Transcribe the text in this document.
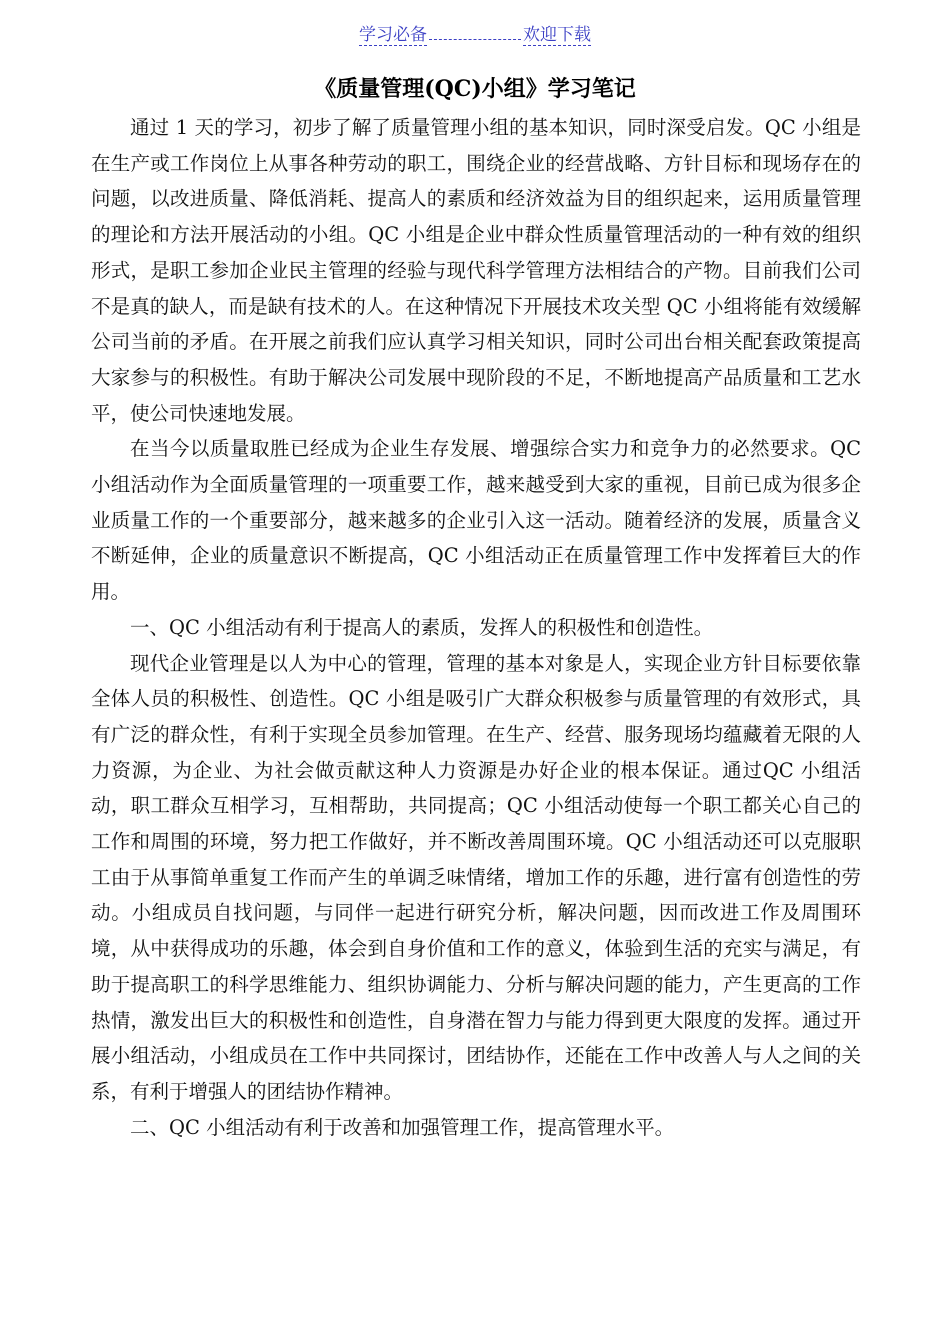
学习必备	欢迎下载
《质量管理(QC)小组》学习笔记

通过 1 天的学习，初步了解了质量管理小组的基本知识，同时深受启发。QC 小组是在生产或工作岗位上从事各种劳动的职工，围绕企业的经营战略、方针目标和现场存在的问题，以改进质量、降低消耗、提高人的素质和经济效益为目的组织起来，运用质量管理的理论和方法开展活动的小组。QC 小组是企业中群众性质量管理活动的一种有效的组织形式，是职工参加企业民主管理的经验与现代科学管理方法相结合的产物。目前我们公司不是真的缺人，而是缺有技术的人。在这种情况下开展技术攻关型 QC 小组将能有效缓解公司当前的矛盾。在开展之前我们应认真学习相关知识，同时公司出台相关配套政策提高大家参与的积极性。有助于解决公司发展中现阶段的不足，不断地提高产品质量和工艺水平，使公司快速地发展。

在当今以质量取胜已经成为企业生存发展、增强综合实力和竞争力的必然要求。QC 小组活动作为全面质量管理的一项重要工作，越来越受到大家的重视，目前已成为很多企业质量工作的一个重要部分，越来越多的企业引入这一活动。随着经济的发展，质量含义不断延伸，企业的质量意识不断提高，QC 小组活动正在质量管理工作中发挥着巨大的作用。

一、QC 小组活动有利于提高人的素质，发挥人的积极性和创造性。

现代企业管理是以人为中心的管理，管理的基本对象是人，实现企业方针目标要依靠全体人员的积极性、创造性。QC 小组是吸引广大群众积极参与质量管理的有效形式，具有广泛的群众性，有利于实现全员参加管理。在生产、经营、服务现场均蕴藏着无限的人力资源，为企业、为社会做贡献这种人力资源是办好企业的根本保证。通过QC 小组活动，职工群众互相学习，互相帮助，共同提高；QC 小组活动使每一个职工都关心自己的工作和周围的环境，努力把工作做好，并不断改善周围环境。QC 小组活动还可以克服职工由于从事简单重复工作而产生的单调乏味情绪，增加工作的乐趣，进行富有创造性的劳动。小组成员自找问题，与同伴一起进行研究分析，解决问题，因而改进工作及周围环境，从中获得成功的乐趣，体会到自身价值和工作的意义，体验到生活的充实与满足，有助于提高职工的科学思维能力、组织协调能力、分析与解决问题的能力，产生更高的工作热情，激发出巨大的积极性和创造性，自身潜在智力与能力得到更大限度的发挥。通过开展小组活动，小组成员在工作中共同探讨，团结协作，还能在工作中改善人与人之间的关系，有利于增强人的团结协作精神。

二、QC 小组活动有利于改善和加强管理工作，提高管理水平。
